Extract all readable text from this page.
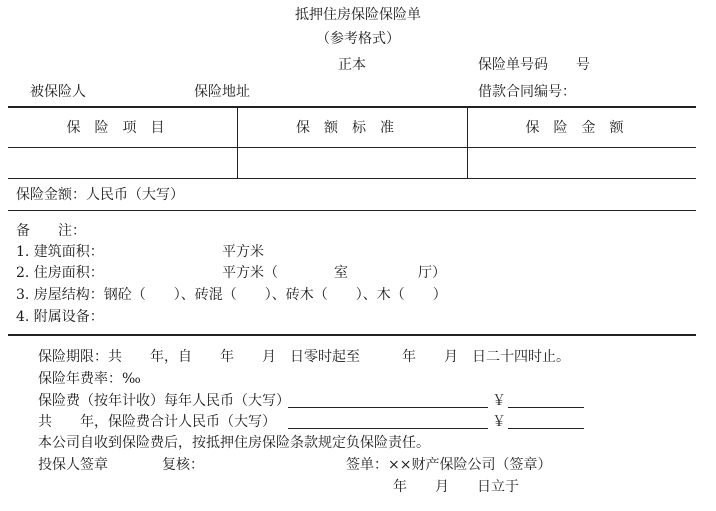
抵押住房保险保险单
（参考格式）
正本	保险单号码　　号
被保险人	保险地址	借款合同编号：
保险项目	保额标准	保险金额
保险金额：人民币（大写）
备　　注：
1. 建筑面积：	平方米
2. 住房面积：	平方米（　　　　室　　　　　厅）
3. 房屋结构：钢砼（　　）、砖混（　　）、砖木（　　）、木（　　）
4. 附属设备：
保险期限：共　　年，自　　年　　月　日零时起至　　　年　　月　日二十四时止。
保险年费率：‰
保险费（按年计收）每年人民币（大写）	￥
共　　年，保险费合计人民币（大写）	￥
本公司自收到保险费后，按抵押住房保险条款规定负保险责任。
投保人签章	复核：	签单：××财产保险公司（签章）
年　　月　　日立于
